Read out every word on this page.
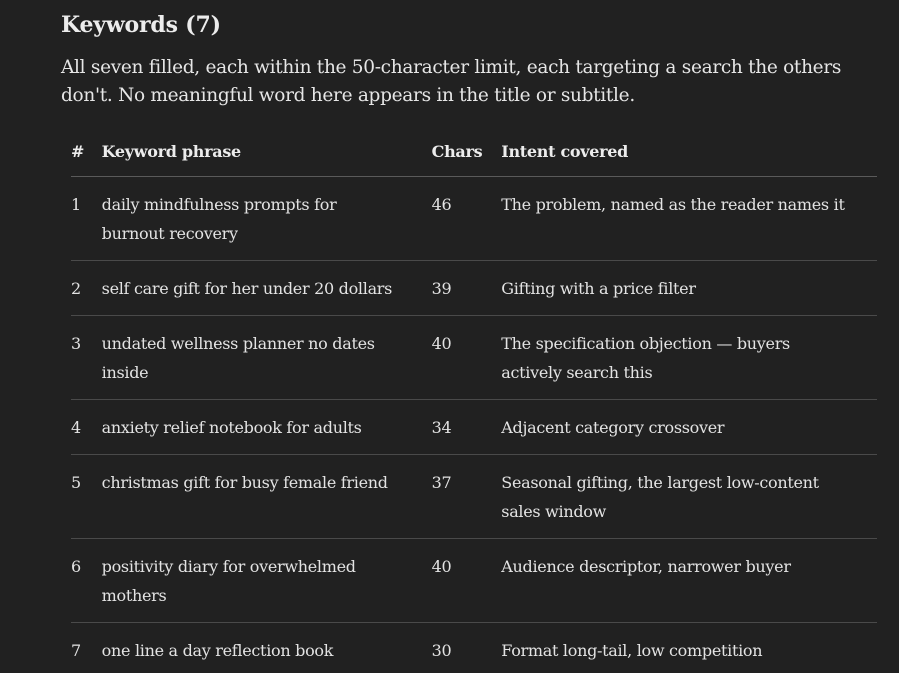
Keywords (7)

All seven filled, each within the 50-character limit, each targeting a search the others don't. No meaningful word here appears in the title or subtitle.

#	Keyword phrase	Chars	Intent covered
1	daily mindfulness prompts for burnout recovery	46	The problem, named as the reader names it

2	self care gift for her under 20 dollars	39	Gifting with a price filter

3	undated wellness planner no dates inside	40	The specification objection — buyers actively search this

4	anxiety relief notebook for adults	34	Adjacent category crossover

5	christmas gift for busy female friend	37	Seasonal gifting, the largest low-content sales window

6	positivity diary for overwhelmed mothers	40	Audience descriptor, narrower buyer

7	one line a day reflection book	30	Format long-tail, low competition
